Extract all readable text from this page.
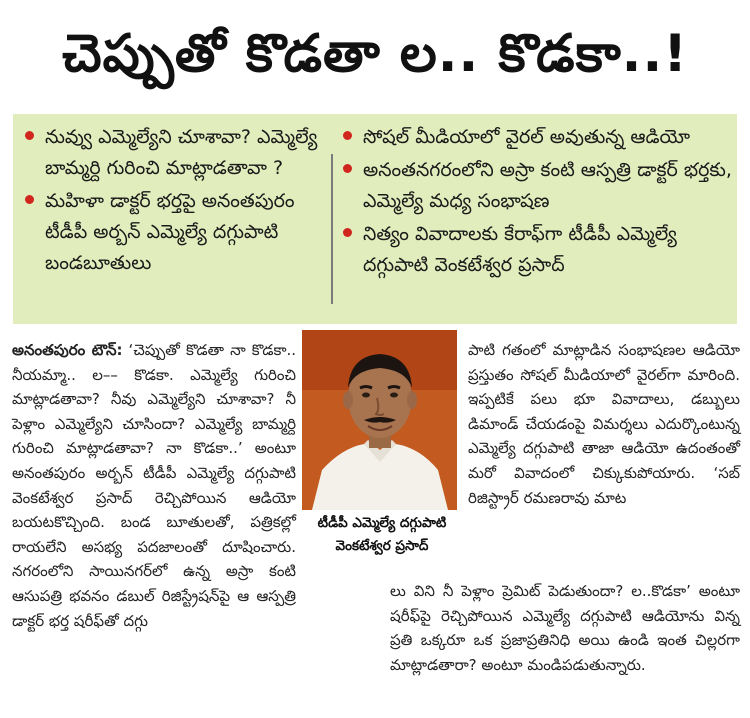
చెప్పుతో కొడతా ల.. కొడకా..!
నువ్వు ఎమ్మెల్యేని చూశావా? ఎమ్మెల్యే బామ్మర్ది గురించి మాట్లాడతావా ?
మహిళా డాక్టర్ భర్తపై అనంతపురం టీడీపీ అర్బన్ ఎమ్మెల్యే దగ్గుపాటి బండబూతులు
సోషల్ మీడియాలో వైరల్ అవుతున్న ఆడియో
అనంతనగరంలోని అస్రా కంటి ఆస్పత్రి డాక్టర్ భర్తకు, ఎమ్మెల్యే మధ్య సంభాషణ
నిత్యం వివాదాలకు కేరాఫ్‌గా టీడీపీ ఎమ్మెల్యే దగ్గుపాటి వెంకటేశ్వర ప్రసాద్
అనంతపురం టౌన్: ‘చెప్పుతో కొడతా నా కొడకా.. నీయమ్మా.. ల–– కొడకా. ఎమ్మెల్యే గురించి మాట్లాడతావా? నీవు ఎమ్మెల్యేని చూశావా? నీ పెళ్లాం ఎమ్మెల్యేని చూసిందా? ఎమ్మెల్యే బామ్మర్ది గురించి మాట్లాడతావా? నా కొడకా..’ అంటూ అనంతపురం అర్బన్ టీడీపీ ఎమ్మెల్యే దగ్గుపాటి వెంకటేశ్వర ప్రసాద్ రెచ్చిపోయిన ఆడియో బయటకొచ్చింది. బండ బూతులతో, పత్రికల్లో రాయలేని అసభ్య పదజాలంతో దూషించారు. నగరంలోని సాయినగర్‌లో ఉన్న అస్రా కంటి ఆసుపత్రి భవనం డబుల్ రిజిస్ట్రేషన్‌పై ఆ ఆస్పత్రి డాక్టర్ భర్త షరీఫ్‌తో దగ్గు
టీడీపీ ఎమ్మెల్యే దగ్గుపాటి వెంకటేశ్వర ప్రసాద్
పాటి గతంలో మాట్లాడిన సంభాషణల ఆడియో ప్రస్తుతం సోషల్ మీడియాలో వైరల్‌గా మారింది. ఇప్పటికే పలు భూ వివాదాలు, డబ్బులు డిమాండ్ చేయడంపై విమర్శలు ఎదుర్కొంటున్న ఎమ్మెల్యే దగ్గుపాటి తాజా ఆడియో ఉదంతంతో మరో వివాదంలో చిక్కుకుపోయారు. ‘సబ్ రిజిస్ట్రార్ రమణరావు మాట
లు విని నీ పెళ్లాం ప్రెమిట్ పెడుతుందా? ల..కొడకా’ అంటూ షరీఫ్‌పై రెచ్చిపోయిన ఎమ్మెల్యే దగ్గుపాటి ఆడియోను విన్న ప్రతి ఒక్కరూ ఒక ప్రజాప్రతినిధి అయి ఉండి ఇంత చిల్లరగా మాట్లాడతారా? అంటూ మండిపడుతున్నారు.
